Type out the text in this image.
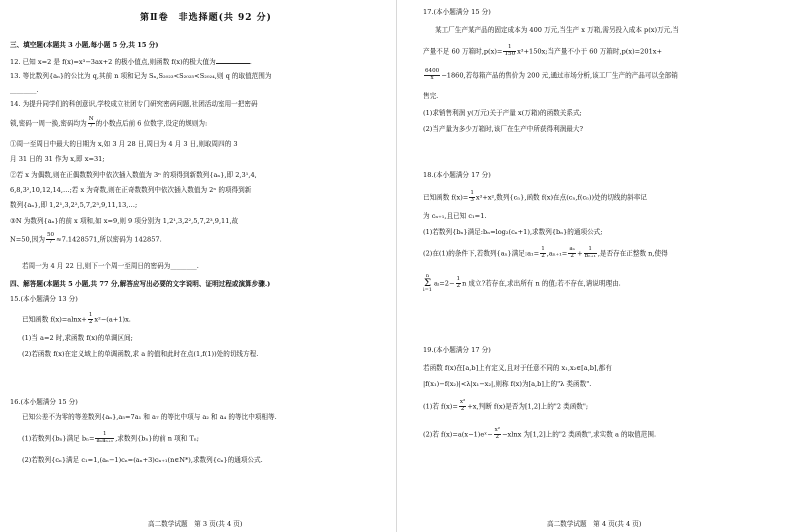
第Ⅱ卷　非选择题(共 92 分)
三、填空题(本题共 3 小题,每小题 5 分,共 15 分)
12. 已知 x=2 是 f(x)=x³−3ax+2 的极小值点,则函数 f(x)的极大值为	.
13. 等比数列{aₙ}的公比为 q,其前 n 项和记为 Sₙ,S₂₀₂₃<S₂₀₂₅<S₂₀₂₄,则 q 的取值范围为
________.
14. 为提升同学们的科创意识,学校成立社团专门研究密码问题,社团活动室用一把密码
锁,密码一周一换,密码均为 $\frac{N}{7}$ 的小数点后前 6 位数字,设定的规则为:
①周一至周日中最大的日期为 x,如 3 月 28 日,周日为 4 月 3 日,则取周四的 3
月 31 日的 31 作为 x,即 x=31;
②若 x 为偶数,则在正偶数数列中依次插入数值为 3ⁿ 的项得到新数列{aₙ},即 2,3¹,4,
6,8,3²,10,12,14,…;若 x 为奇数,则在正奇数数列中依次插入数值为 2ⁿ 的项得到新
数列{aₙ},即 1,2¹,3,2²,5,7,2³,9,11,13,…;
③N 为数列{aₙ}的前 x 项和,如 x=9,则 9 项分别为 1,2¹,3,2²,5,7,2³,9,11,故
N=50,因为 $\frac{50}{7} \approx 7.1428571$,所以密码为 142857.
若周一为 4 月 22 日,则下一个周一至周日的密码为________.
四、解答题(本题共 5 小题,共 77 分,解答应写出必要的文字说明、证明过程或演算步骤.)
15.(本小题满分 13 分)
已知函数 $f(x)=alnx+ \frac{1}{2} x^2-(a+1)x$.
(1)当 a=2 时,求函数 f(x)的单调区间;
(2)若函数 f(x)在定义域上的单调函数,求 a 的值和此时在点(1,f(1))处的切线方程.
16.(本小题满分 15 分)
已知公差不为零的等差数列{aₙ},a₅=7a₁ 和 a₇ 的等比中项与 a₂ 和 a₄ 的等比中项相等.
(1)若数列{bₙ}满足 $b_n= \frac{1}{\text{aₙaₙ₊₁}}$ ,求数列{bₙ}的前 n 项和 Tₙ;
(2)若数列{cₙ}满足 c₁=1,(aₙ−1)cₙ=(aₙ+3)cₙ₊₁(n∈N*),求数列{cₙ}的通项公式.
高二数学试题　第 3 页(共 4 页)
17.(本小题满分 15 分)
某工厂生产某产品的固定成本为 400 万元,当生产 x 万箱,需另投入成本 p(x)万元,当
产量不足 60 万箱时$,p(x)= \frac{1}{150} x^3+150x$;当产量不小于 60 万箱时,p(x)=201x+
$\frac{6400}{x} -1860$,若每箱产品的售价为 200 元,通过市场分析,该工厂生产的产品可以全部销
售完.
(1)求销售利润 y(万元)关于产量 x(万箱)的函数关系式;
(2)当产量为多少万箱时,该厂在生产中所获得利润最大?
18.(本小题满分 17 分)
已知函数 $f(x)= \frac{1}{3} x^3+x^2$,数列{cₙ},函数 f(x)在点(cₙ,f(cₙ))处的切线的斜率记
为 cₙ₊₁,且已知 c₁=1.
(1)若数列{bₙ}满足:bₙ=log₂(cₙ+1),求数列{bₙ}的通项公式;
(2)在(1)的条件下,若数列{aₙ}满足:a₁= $\frac{1}{2} ,a_{n+1}= \frac{\text{aₙ}}{2} + \frac{1}{\text{bₙ₊₁}}$ ,是否存在正整数 n,使得
n
Σ
i=1aᵢ=2− $\frac{1}{2}$ n 成立?若存在,求出所有 n 的值;若不存在,请说明理由.
19.(本小题满分 17 分)
若函数 f(x)在[a,b]上有定义,且对于任意不同的 x₁,x₂∈[a,b],都有
|f(x₁)−f(x₂)|<λ|x₁−x₂|,则称 f(x)为[a,b]上的"λ 类函数".
(1)若 $f(x)= \frac{\text{x²}}{2} +x$,判断 f(x)是否为[1,2]上的"2 类函数";
(2)若 f(x)=a(x−1)eˣ− $\frac{\text{x²}}{2} -xlnx$ 为[1,2]上的"2 类函数",求实数 a 的取值范围.
高二数学试题　第 4 页(共 4 页)
